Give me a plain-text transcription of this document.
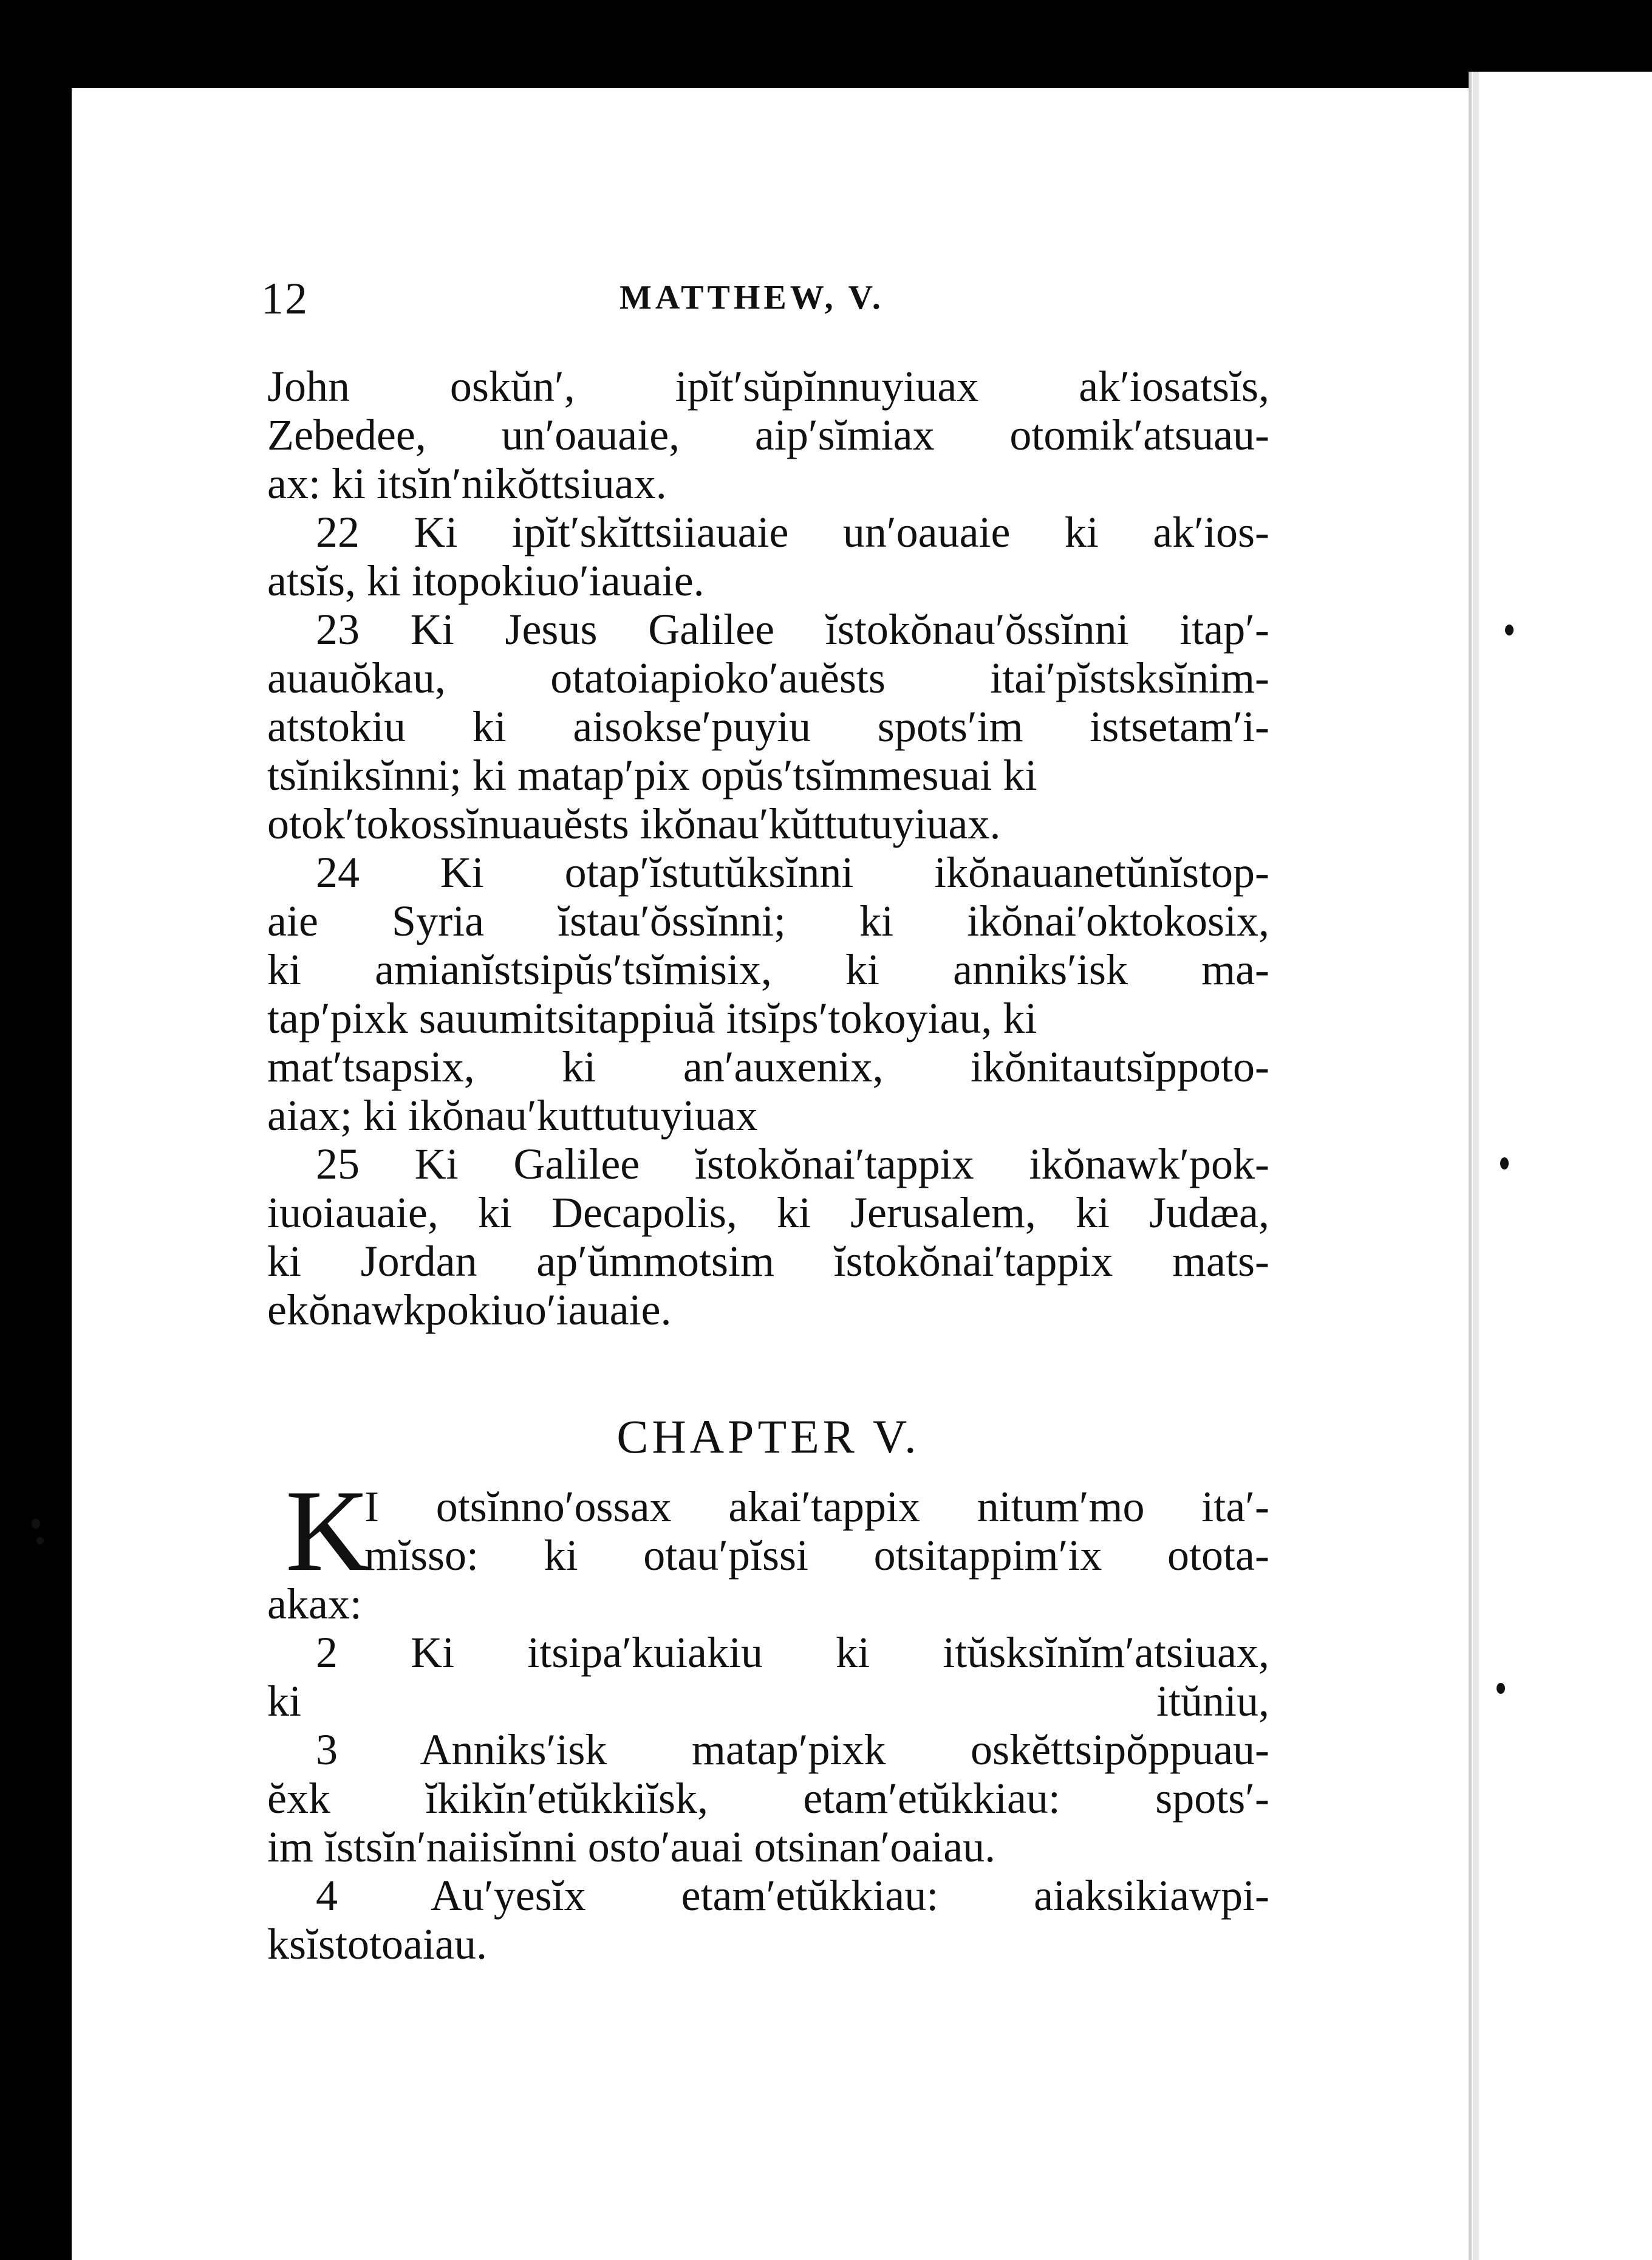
12	MATTHEW, V.
John oskŭn′, ipĭt′sŭpĭnnuyiuax ak′iosatsĭs,
Zebedee, un′oauaie, aip′sĭmiax otomik′atsuau-
ax: ki itsĭn′nikŏttsiuax.
22 Ki ipĭt′skĭttsiiauaie un′oauaie ki ak′ios-
atsĭs, ki itopokiuo′iauaie.
23 Ki Jesus Galilee ĭstokŏnau′ŏssĭnni itap′-
auauŏkau, otatoiapioko′auĕsts itai′pĭstsksĭnim-
atstokiu ki aisokse′puyiu spots′im istsetam′i-
tsĭniksĭnni; ki matap′pix opŭs′tsĭmmesuai ki
otok′tokossĭnuauĕsts ikŏnau′kŭttutuyiuax.
24 Ki otap′ĭstutŭksĭnni ikŏnauanetŭnĭstop-
aie Syria ĭstau′ŏssĭnni; ki ikŏnai′oktokosix,
ki amianĭstsipŭs′tsĭmisix, ki anniks′isk ma-
tap′pixk sauumitsitappiuă itsĭps′tokoyiau, ki
mat′tsapsix, ki an′auxenix, ikŏnitautsĭppoto-
aiax; ki ikŏnau′kuttutuyiuax
25 Ki Galilee ĭstokŏnai′tappix ikŏnawk′pok-
iuoiauaie, ki Decapolis, ki Jerusalem, ki Judæa,
ki Jordan ap′ŭmmotsim ĭstokŏnai′tappix mats-
ekŏnawkpokiuo′iauaie.
CHAPTER V.
K
I otsĭnno′ossax akai′tappix nitum′mo ita′-
mĭsso: ki otau′pĭssi otsitappim′ix otota-
akax:
2 Ki itsipa′kuiakiu ki itŭsksĭnĭm′atsiuax,
ki itŭniu,
3 Anniks′isk matap′pixk oskĕttsipŏppuau-
ĕxk ĭkikĭn′etŭkkiĭsk, etam′etŭkkiau: spots′-
im ĭstsĭn′naiisĭnni osto′auai otsinan′oaiau.
4 Au′yesĭx etam′etŭkkiau: aiaksikiawpi-
ksĭstotoaiau.
